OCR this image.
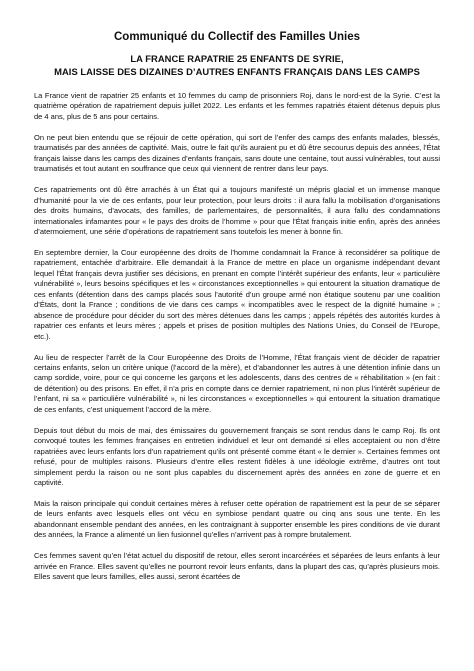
Communiqué du Collectif des Familles Unies
LA FRANCE RAPATRIE 25 ENFANTS DE SYRIE,
MAIS LAISSE DES DIZAINES D’AUTRES ENFANTS FRANÇAIS DANS LES CAMPS

La France vient de rapatrier 25 enfants et 10 femmes du camp de prisonniers Roj, dans le nord-est de la Syrie. C’est la quatrième opération de rapatriement depuis juillet 2022. Les enfants et les femmes rapatriés étaient détenus depuis plus de 4 ans, plus de 5 ans pour certains.

On ne peut bien entendu que se réjouir de cette opération, qui sort de l’enfer des camps des enfants malades, blessés, traumatisés par des années de captivité. Mais, outre le fait qu’ils auraient pu et dû être secourus depuis des années, l’État français laisse dans les camps des dizaines d’enfants français, sans doute une centaine, tout aussi vulnérables, tout aussi traumatisés et tout autant en souffrance que ceux qui viennent de rentrer dans leur pays.

Ces rapatriements ont dû être arrachés à un État qui a toujours manifesté un mépris glacial et un immense manque d’humanité pour la vie de ces enfants, pour leur protection, pour leurs droits : il aura fallu la mobilisation d’organisations des droits humains, d’avocats, des familles, de parlementaires, de personnalités, il aura fallu des condamnations internationales infamantes pour « le pays des droits de l’homme » pour que l’État français initie enfin, après des années d’atermoiement, une série d’opérations de rapatriement sans toutefois les mener à bonne fin.

En septembre dernier, la Cour européenne des droits de l’homme condamnait la France à reconsidérer sa politique de rapatriement, entachée d’arbitraire. Elle demandait à la France de mettre en place un organisme indépendant devant lequel l’État français devra justifier ses décisions, en prenant en compte l’intérêt supérieur des enfants, leur « particulière vulnérabilité », leurs besoins spécifiques et les « circonstances exceptionnelles » qui entourent la situation dramatique de ces enfants (détention dans des camps placés sous l’autorité d’un groupe armé non étatique soutenu par une coalition d’États, dont la France ; conditions de vie dans ces camps « incompatibles avec le respect de la dignité humaine » ; absence de procédure pour décider du sort des mères détenues dans les camps ; appels répétés des autorités kurdes à rapatrier ces enfants et leurs mères ; appels et prises de position multiples des Nations Unies, du Conseil de l’Europe, etc.).

Au lieu de respecter l’arrêt de la Cour Européenne des Droits de l’Homme, l’État français vient de décider de rapatrier certains enfants, selon un critère unique (l’accord de la mère), et d’abandonner les autres à une détention infinie dans un camp sordide, voire, pour ce qui concerne les garçons et les adolescents, dans des centres de « réhabilitation » (en fait : de détention) ou des prisons. En effet, il n’a pris en compte dans ce dernier rapatriement, ni non plus l’intérêt supérieur de l’enfant, ni sa « particulière vulnérabilité », ni les circonstances « exceptionnelles » qui entourent la situation dramatique de ces enfants, c’est uniquement l’accord de la mère.

Depuis tout début du mois de mai, des émissaires du gouvernement français se sont rendus dans le camp Roj. Ils ont convoqué toutes les femmes françaises en entretien individuel et leur ont demandé si elles acceptaient ou non d’être rapatriées avec leurs enfants lors d’un rapatriement qu’ils ont présenté comme étant « le dernier ». Certaines femmes ont refusé, pour de multiples raisons. Plusieurs d’entre elles restent fidèles à une idéologie extrême, d’autres ont tout simplement perdu la raison ou ne sont plus capables du discernement après des années en zone de guerre et en captivité.

Mais la raison principale qui conduit certaines mères à refuser cette opération de rapatriement est la peur de se séparer de leurs enfants avec lesquels elles ont vécu en symbiose pendant quatre ou cinq ans sous une tente. En les abandonnant ensemble pendant des années, en les contraignant à supporter ensemble les pires conditions de vie durant des années, la France a alimenté un lien fusionnel qu’elles n’arrivent pas à rompre brutalement.

Ces femmes savent qu’en l’état actuel du dispositif de retour, elles seront incarcérées et séparées de leurs enfants à leur arrivée en France. Elles savent qu’elles ne pourront revoir leurs enfants, dans la plupart des cas, qu’après plusieurs mois. Elles savent que leurs familles, elles aussi, seront écartées de
